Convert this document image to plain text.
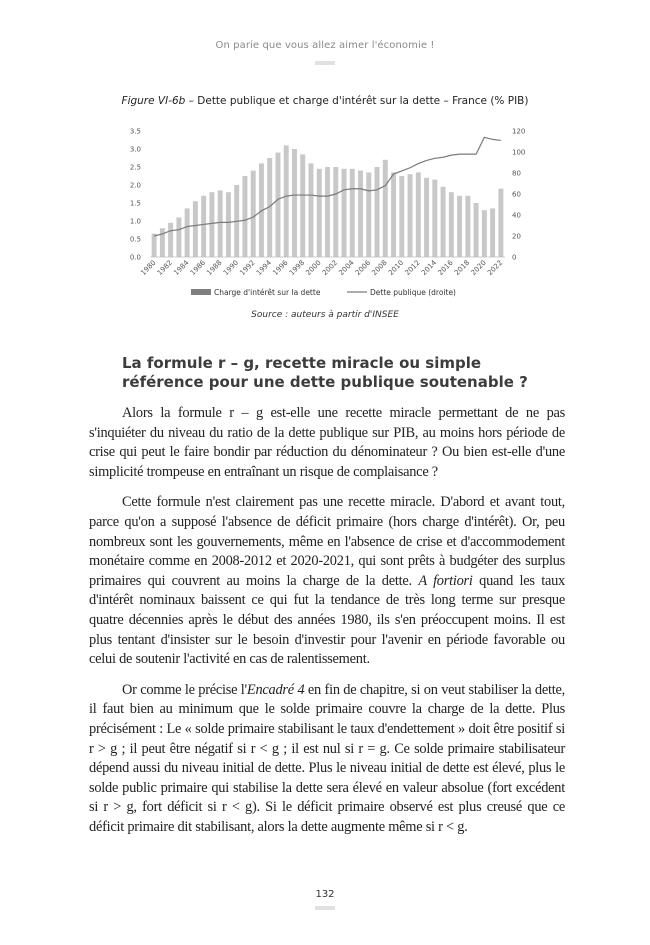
On parie que vous allez aimer l'économie !
Figure VI-6b – Dette publique et charge d'intérêt sur la dette – France (% PIB)
0.0
0.5
1.0
1.5
2.0
2.5
3.0
3.5
0
20
40
60
80
100
120
1980
1982
1984
1986
1988
1990
1992
1994
1996
1998
2000
2002
2004
2006
2008
2010
2012
2014
2016
2018
2020
2022
Charge d'intérêt sur la dette	Dette publique (droite)
Source : auteurs à partir d'INSEE
La formule r – g, recette miracle ou simple référence pour une dette publique soutenable ?

Alors la formule r – g est-elle une recette miracle permettant de ne pas s'inquiéter du niveau du ratio de la dette publique sur PIB, au moins hors période de crise qui peut le faire bondir par réduction du dénominateur ? Ou bien est-elle d'une simplicité trompeuse en entraînant un risque de complaisance ?

Cette formule n'est clairement pas une recette miracle. D'abord et avant tout, parce qu'on a supposé l'absence de déficit primaire (hors charge d'intérêt). Or, peu nombreux sont les gouvernements, même en l'absence de crise et d'accommodement monétaire comme en 2008-2012 et 2020-2021, qui sont prêts à budgéter des surplus primaires qui couvrent au moins la charge de la dette. A fortiori quand les taux d'intérêt nominaux baissent ce qui fut la tendance de très long terme sur presque quatre décennies après le début des années 1980, ils s'en préoccupent moins. Il est plus tentant d'insister sur le besoin d'investir pour l'avenir en période favorable ou celui de soutenir l'activité en cas de ralentissement.

Or comme le précise l'Encadré 4 en fin de chapitre, si on veut stabiliser la dette, il faut bien au minimum que le solde primaire couvre la charge de la dette. Plus précisément : Le « solde primaire stabilisant le taux d'endettement » doit être positif si r > g ; il peut être négatif si r < g ; il est nul si r = g. Ce solde primaire stabilisateur dépend aussi du niveau initial de dette. Plus le niveau initial de dette est élevé, plus le solde public primaire qui stabilise la dette sera élevé en valeur absolue (fort excédent si r > g, fort déficit si r < g). Si le déficit primaire observé est plus creusé que ce déficit primaire dit stabilisant, alors la dette augmente même si r < g.

132
